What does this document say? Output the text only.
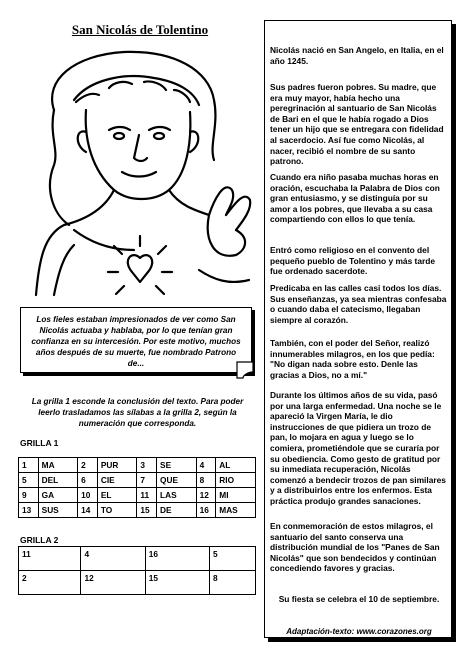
San Nicolás de Tolentino
Los fieles estaban impresionados de ver como San Nicolás actuaba y hablaba, por lo que tenían gran confianza en su intercesión. Por este motivo, muchos años después de su muerte, fue nombrado Patrono de...
La grilla 1 esconde la conclusión del texto. Para poder leerlo trasladamos las sílabas a la grilla 2, según la numeración que corresponda.
GRILLA 1
1	MA	2	PUR	3	SE	4	AL
5	DEL	6	CIE	7	QUE	8	RIO
9	GA	10	EL	11	LAS	12	MI
13	SUS	14	TO	15	DE	16	MAS
GRILLA 2
11	4	16	5
2	12	15	8
Nicolás nació en San Angelo, en Italia, en el año 1245.
Sus padres fueron pobres. Su madre, que era muy mayor, había hecho una peregrinación al santuario de San Nicolás de Bari en el que le había rogado a Dios tener un hijo que se entregara con fidelidad al sacerdocio. Así fue como Nicolás, al nacer, recibió el nombre de su santo patrono.
Cuando era niño pasaba muchas horas en oración, escuchaba la Palabra de Dios con gran entusiasmo, y se distinguía por su amor a los pobres, que llevaba a su casa compartiendo con ellos lo que tenía.
Entró como religioso en el convento del pequeño pueblo de Tolentino y más tarde fue ordenado sacerdote.
Predicaba en las calles casi todos los días. Sus enseñanzas, ya sea mientras confesaba o cuando daba el catecismo, llegaban siempre al corazón.
También, con el poder del Señor, realizó innumerables milagros, en los que pedía: "No digan nada sobre esto. Denle las gracias a Dios, no a mí."
Durante los últimos años de su vida, pasó por una larga enfermedad. Una noche se le apareció la Virgen María, le dio instrucciones de que pidiera un trozo de pan, lo mojara en agua y luego se lo comiera, prometiéndole que se curaría por su obediencia. Como gesto de gratitud por su inmediata recuperación, Nicolás comenzó a bendecir trozos de pan similares y a distribuirlos entre los enfermos. Esta práctica produjo grandes sanaciones.
En conmemoración de estos milagros, el santuario del santo conserva una distribución mundial de los "Panes de San Nicolás" que son bendecidos y continúan concediendo favores y gracias.
Su fiesta se celebra el 10 de septiembre.
Adaptación-texto: www.corazones.org
